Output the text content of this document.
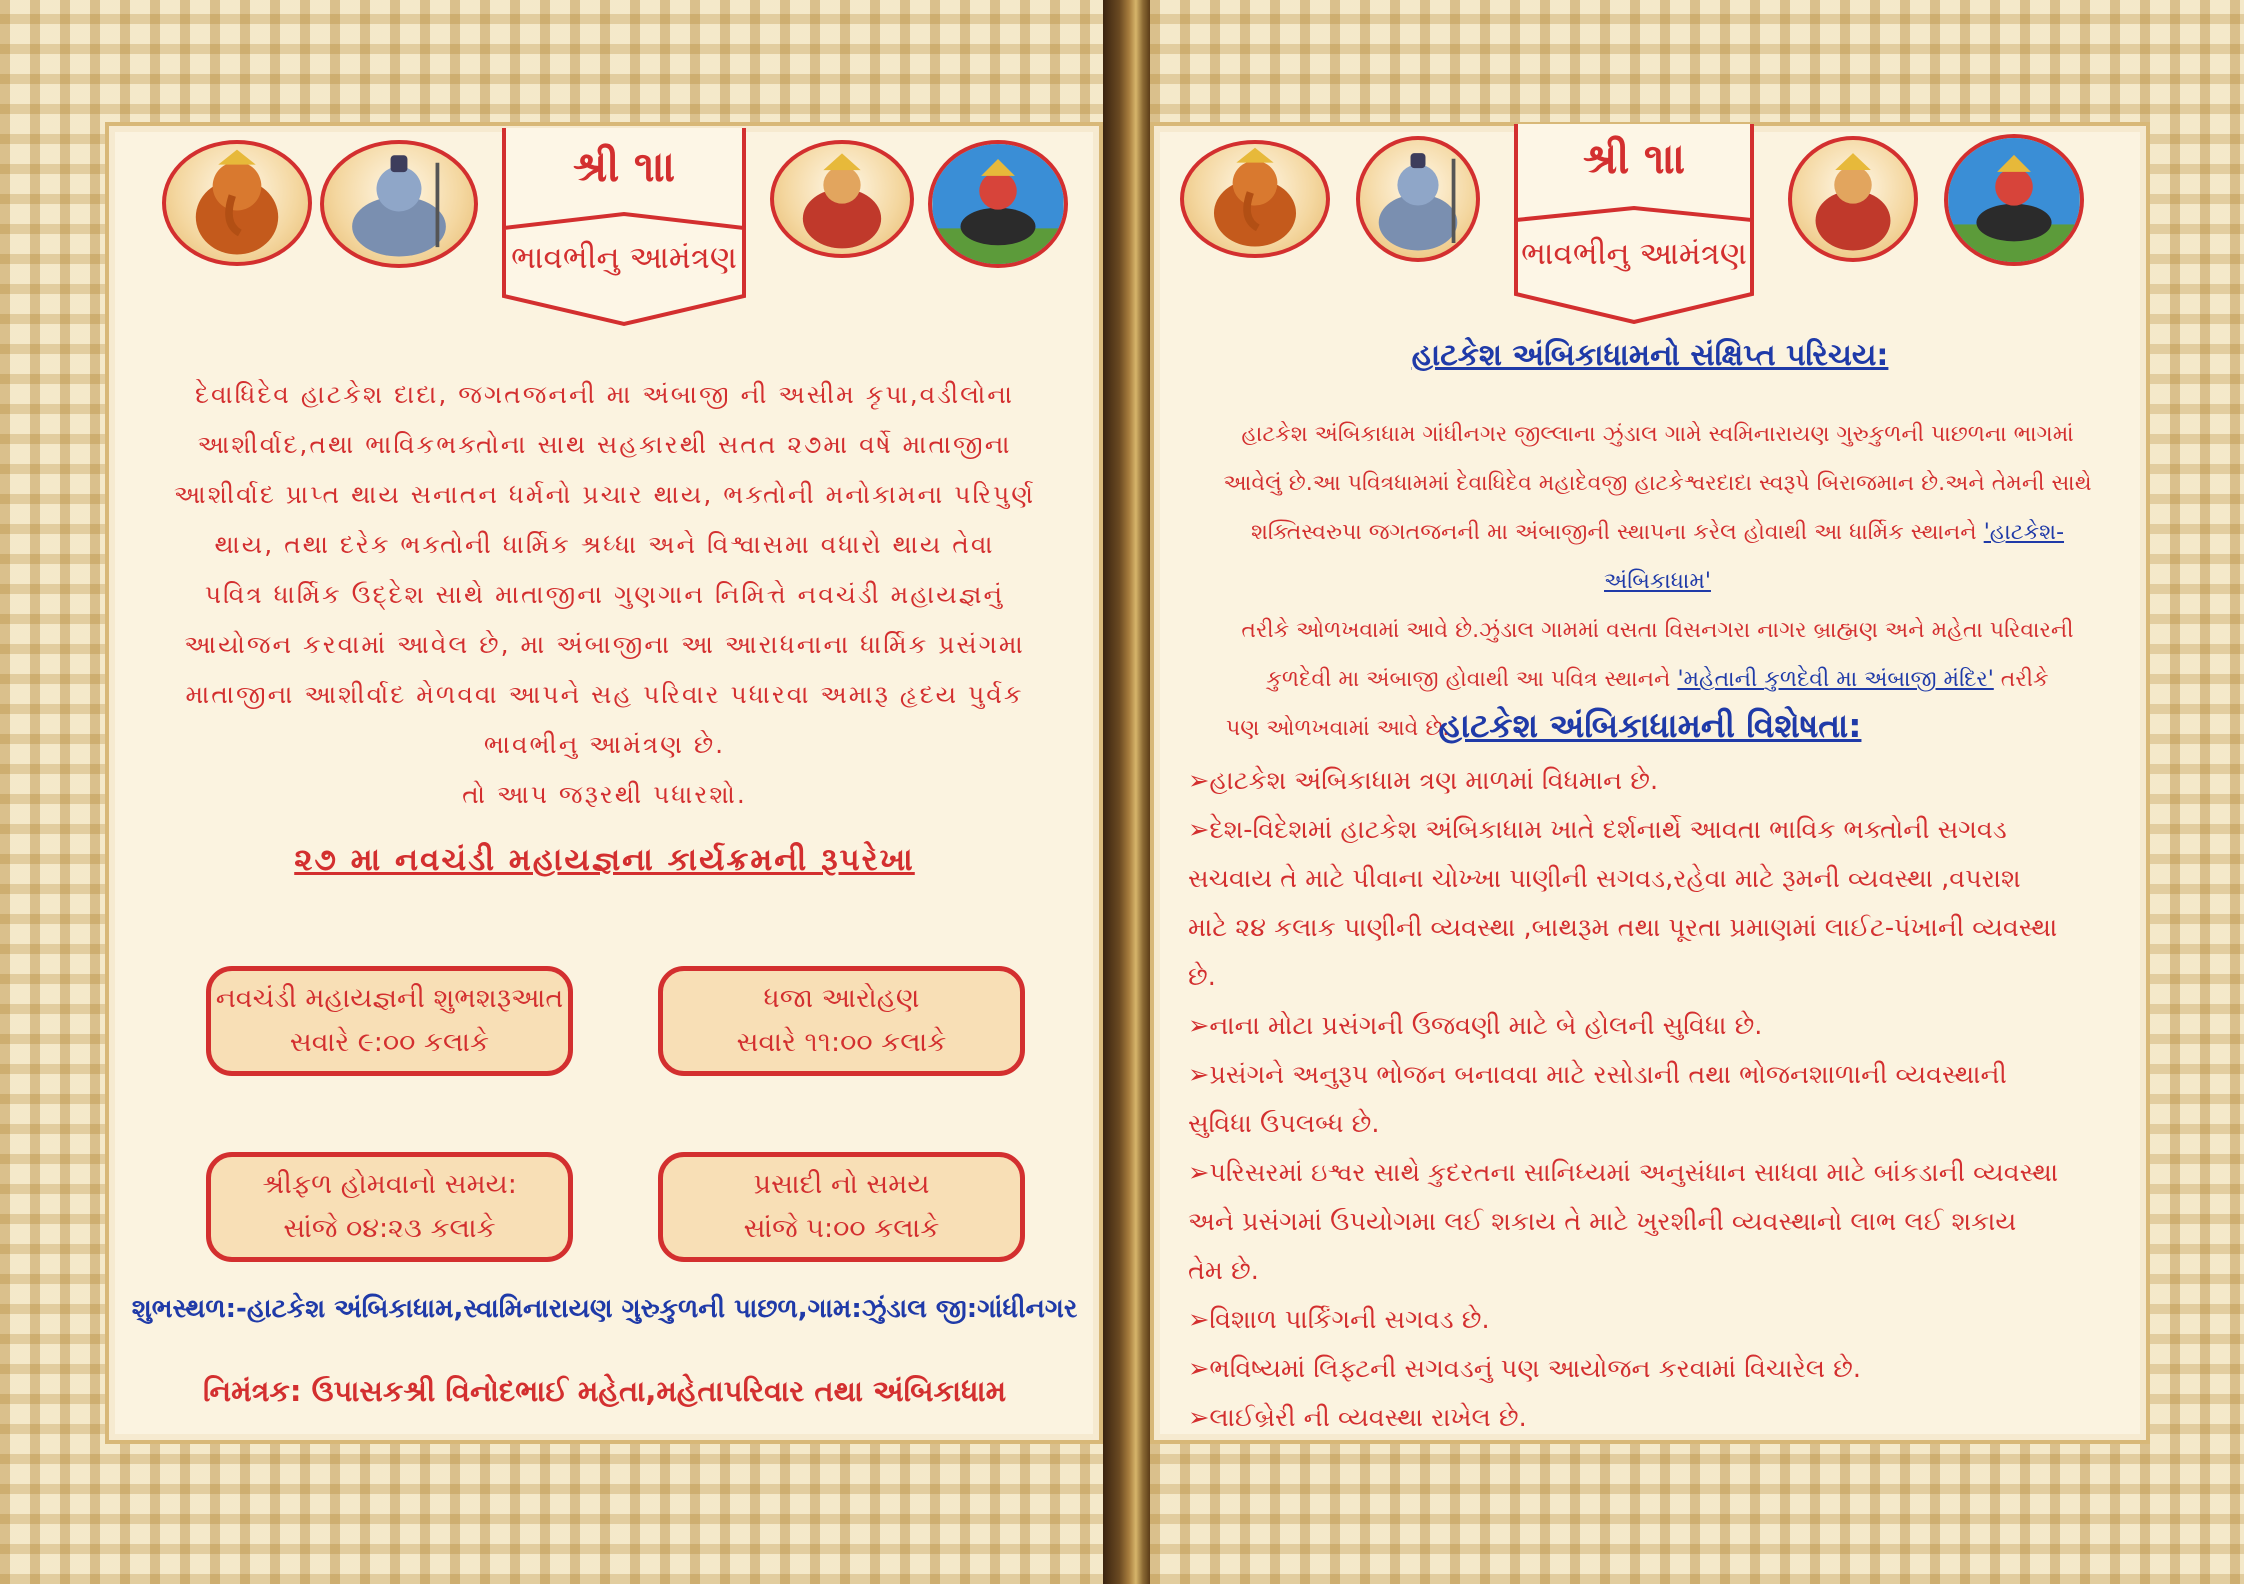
શ્રી ૧ાા
ભાવભીનુ આમંત્રણ
દેવાધિદેવ હાટકેશ દાદા, જગતજનની મા અંબાજી ની અસીમ કૃપા,વડીલોના
આશીર્વાદ,તથા ભાવિકભક્તોના સાથ સહકારથી સતત ૨૭મા વર્ષે માતાજીના
આશીર્વાદ પ્રાપ્ત થાય સનાતન ધર્મનો પ્રચાર થાય, ભક્તોની મનોકામના પરિપુર્ણ
થાય, તથા દરેક ભક્તોની ધાર્મિક શ્રધ્ધા અને વિશ્વાસમા વધારો થાય તેવા
પવિત્ર ધાર્મિક ઉદ્દેશ સાથે માતાજીના ગુણગાન નિમિત્તે નવચંડી મહાયજ્ઞનું
આયોજન કરવામાં આવેલ છે, મા અંબાજીના આ આરાધનાના ધાર્મિક પ્રસંગમા
માતાજીના આશીર્વાદ મેળવવા આપને સહ પરિવાર પધારવા અમારૂ હૃદય પુર્વક
ભાવભીનુ આમંત્રણ છે.
તો આપ જરૂરથી પધારશો.
૨૭ મા નવચંડી મહાયજ્ઞના કાર્યક્રમની રૂપરેખા
નવચંડી મહાયજ્ઞની શુભશરૂઆત
સવારે ૯:૦૦ કલાકે
ધજા આરોહણ
સવારે ૧૧:૦૦ કલાકે
શ્રીફળ હોમવાનો સમય:
સાંજે ૦૪:૨૩ કલાકે
પ્રસાદી નો સમય
સાંજે ૫:૦૦ કલાકે
શુભસ્થળ:-હાટકેશ અંબિકાધામ,સ્વામિનારાયણ ગુરુકુળની પાછળ,ગામ:ઝુંડાલ જી:ગાંધીનગર
નિમંત્રક: ઉપાસકશ્રી વિનોદભાઈ મહેતા,મહેતાપરિવાર તથા અંબિકાધામ
શ્રી ૧ાા
ભાવભીનુ આમંત્રણ
હાટકેશ અંબિકાધામનો સંક્ષિપ્ત પરિચય:
હાટકેશ અંબિકાધામ ગાંધીનગર જીલ્લાના ઝુંડાલ ગામે સ્વમિનારાયણ ગુરુકુળની પાછળના ભાગમાં
આવેલું છે.આ પવિત્રધામમાં દેવાધિદેવ મહાદેવજી હાટકેશ્વરદાદા સ્વરૂપે બિરાજમાન છે.અને તેમની સાથે
શક્તિસ્વરુપા જગતજનની મા અંબાજીની સ્થાપના કરેલ હોવાથી આ ધાર્મિક સ્થાનને 'હાટકેશ-અંબિકાધામ'
તરીકે ઓળખવામાં આવે છે.ઝુંડાલ ગામમાં વસતા વિસનગરા નાગર બ્રાહ્મણ અને મહેતા પરિવારની
કુળદેવી મા અંબાજી હોવાથી આ પવિત્ર સ્થાનને 'મહેતાની કુળદેવી મા અંબાજી મંદિર' તરીકે
પણ ઓળખવામાં આવે છે.
હાટકેશ અંબિકાધામની વિશેષતા:
➢હાટકેશ અંબિકાધામ ત્રણ માળમાં વિધમાન છે.
➢દેશ-વિદેશમાં હાટકેશ અંબિકાધામ ખાતે દર્શનાર્થે આવતા ભાવિક ભક્તોની સગવડ
સચવાય તે માટે પીવાના ચોખ્ખા પાણીની સગવડ,રહેવા માટે રૂમની વ્યવસ્થા ,વપરાશ
માટે ૨૪ કલાક પાણીની વ્યવસ્થા ,બાથરૂમ તથા પૂરતા પ્રમાણમાં લાઈટ-પંખાની વ્યવસ્થા
છે.
➢નાના મોટા પ્રસંગની ઉજવણી માટે બે હોલની સુવિધા છે.
➢પ્રસંગને અનુરૂપ ભોજન બનાવવા માટે રસોડાની તથા ભોજનશાળાની વ્યવસ્થાની
સુવિધા ઉપલબ્ધ છે.
➢પરિસરમાં ઇશ્વર સાથે કુદરતના સાનિધ્યમાં અનુસંધાન સાધવા માટે બાંકડાની વ્યવસ્થા
અને પ્રસંગમાં ઉપયોગમા લઈ શકાય તે માટે ખુરશીની વ્યવસ્થાનો લાભ લઈ શકાય
તેમ છે.
➢વિશાળ પાર્કિંગની સગવડ છે.
➢ભવિષ્યમાં લિફ્ટની સગવડનું પણ આયોજન કરવામાં વિચારેલ છે.
➢લાઈબ્રેરી ની વ્યવસ્થા રાખેલ છે.
